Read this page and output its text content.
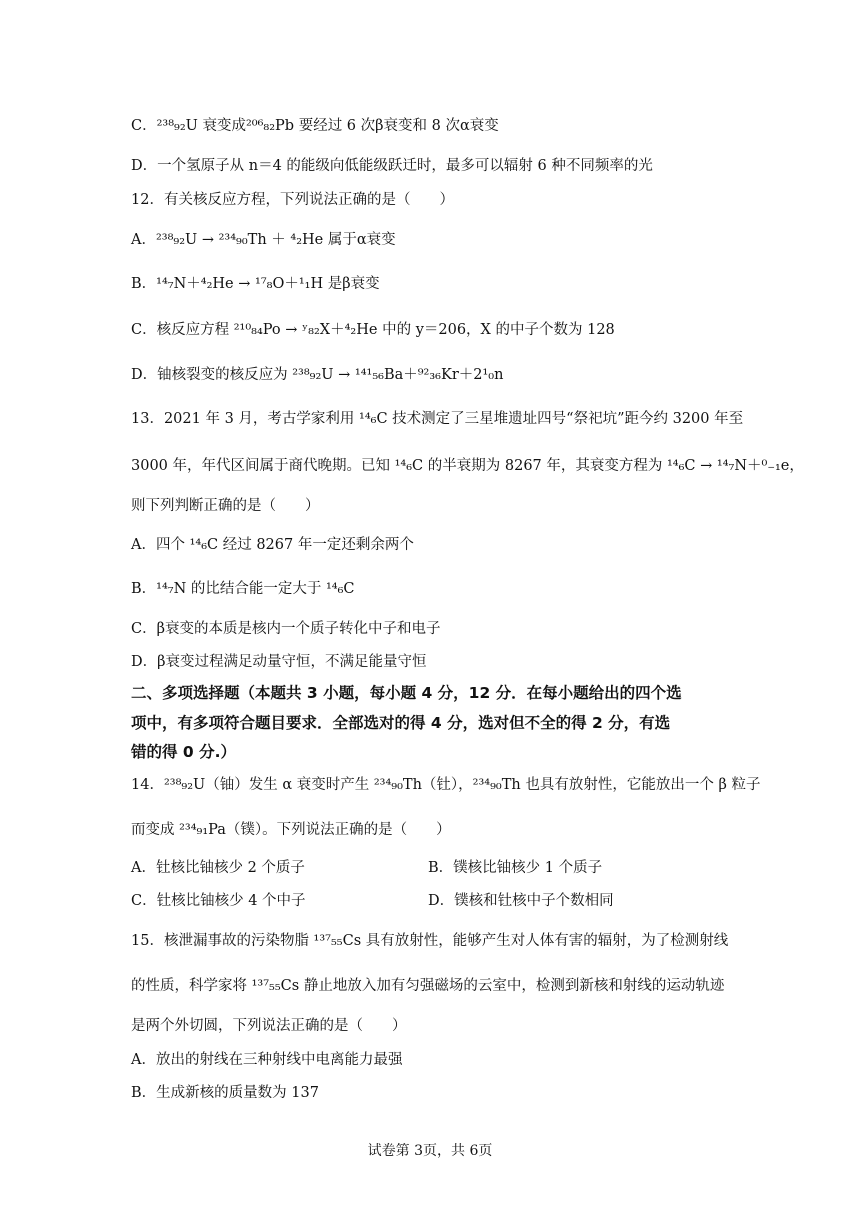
C．²³⁸₉₂U 衰变成²⁰⁶₈₂Pb 要经过 6 次β衰变和 8 次α衰变
D．一个氢原子从 n＝4 的能级向低能级跃迁时，最多可以辐射 6 种不同频率的光
12．有关核反应方程，下列说法正确的是（　　）
A．²³⁸₉₂U → ²³⁴₉₀Th ＋ ⁴₂He 属于α衰变
B．¹⁴₇N＋⁴₂He → ¹⁷₈O＋¹₁H 是β衰变
C．核反应方程 ²¹⁰₈₄Po → ʸ₈₂X＋⁴₂He 中的 y＝206，X 的中子个数为 128
D．铀核裂变的核反应为 ²³⁸₉₂U → ¹⁴¹₅₆Ba＋⁹²₃₆Kr＋2¹₀n
13．2021 年 3 月，考古学家利用 ¹⁴₆C 技术测定了三星堆遗址四号“祭祀坑”距今约 3200 年至
3000 年，年代区间属于商代晚期。已知 ¹⁴₆C 的半衰期为 8267 年，其衰变方程为 ¹⁴₆C → ¹⁴₇N＋⁰₋₁e，
则下列判断正确的是（　　）
A．四个 ¹⁴₆C 经过 8267 年一定还剩余两个
B．¹⁴₇N 的比结合能一定大于 ¹⁴₆C
C．β衰变的本质是核内一个质子转化中子和电子
D．β衰变过程满足动量守恒，不满足能量守恒
二、多项选择题（本题共 3 小题，每小题 4 分，12 分．在每小题给出的四个选
项中，有多项符合题目要求．全部选对的得 4 分，选对但不全的得 2 分，有选
错的得 0 分.）
14．²³⁸₉₂U（铀）发生 α 衰变时产生 ²³⁴₉₀Th（钍），²³⁴₉₀Th 也具有放射性，它能放出一个 β 粒子
而变成 ²³⁴₉₁Pa（镤）。下列说法正确的是（　　）
A．钍核比铀核少 2 个质子	B．镤核比铀核少 1 个质子
C．钍核比铀核少 4 个中子	D．镤核和钍核中子个数相同
15．核泄漏事故的污染物脂 ¹³⁷₅₅Cs 具有放射性，能够产生对人体有害的辐射，为了检测射线
的性质，科学家将 ¹³⁷₅₅Cs 静止地放入加有匀强磁场的云室中，检测到新核和射线的运动轨迹
是两个外切圆，下列说法正确的是（　　）
A．放出的射线在三种射线中电离能力最强
B．生成新核的质量数为 137
试卷第 3页，共 6页
